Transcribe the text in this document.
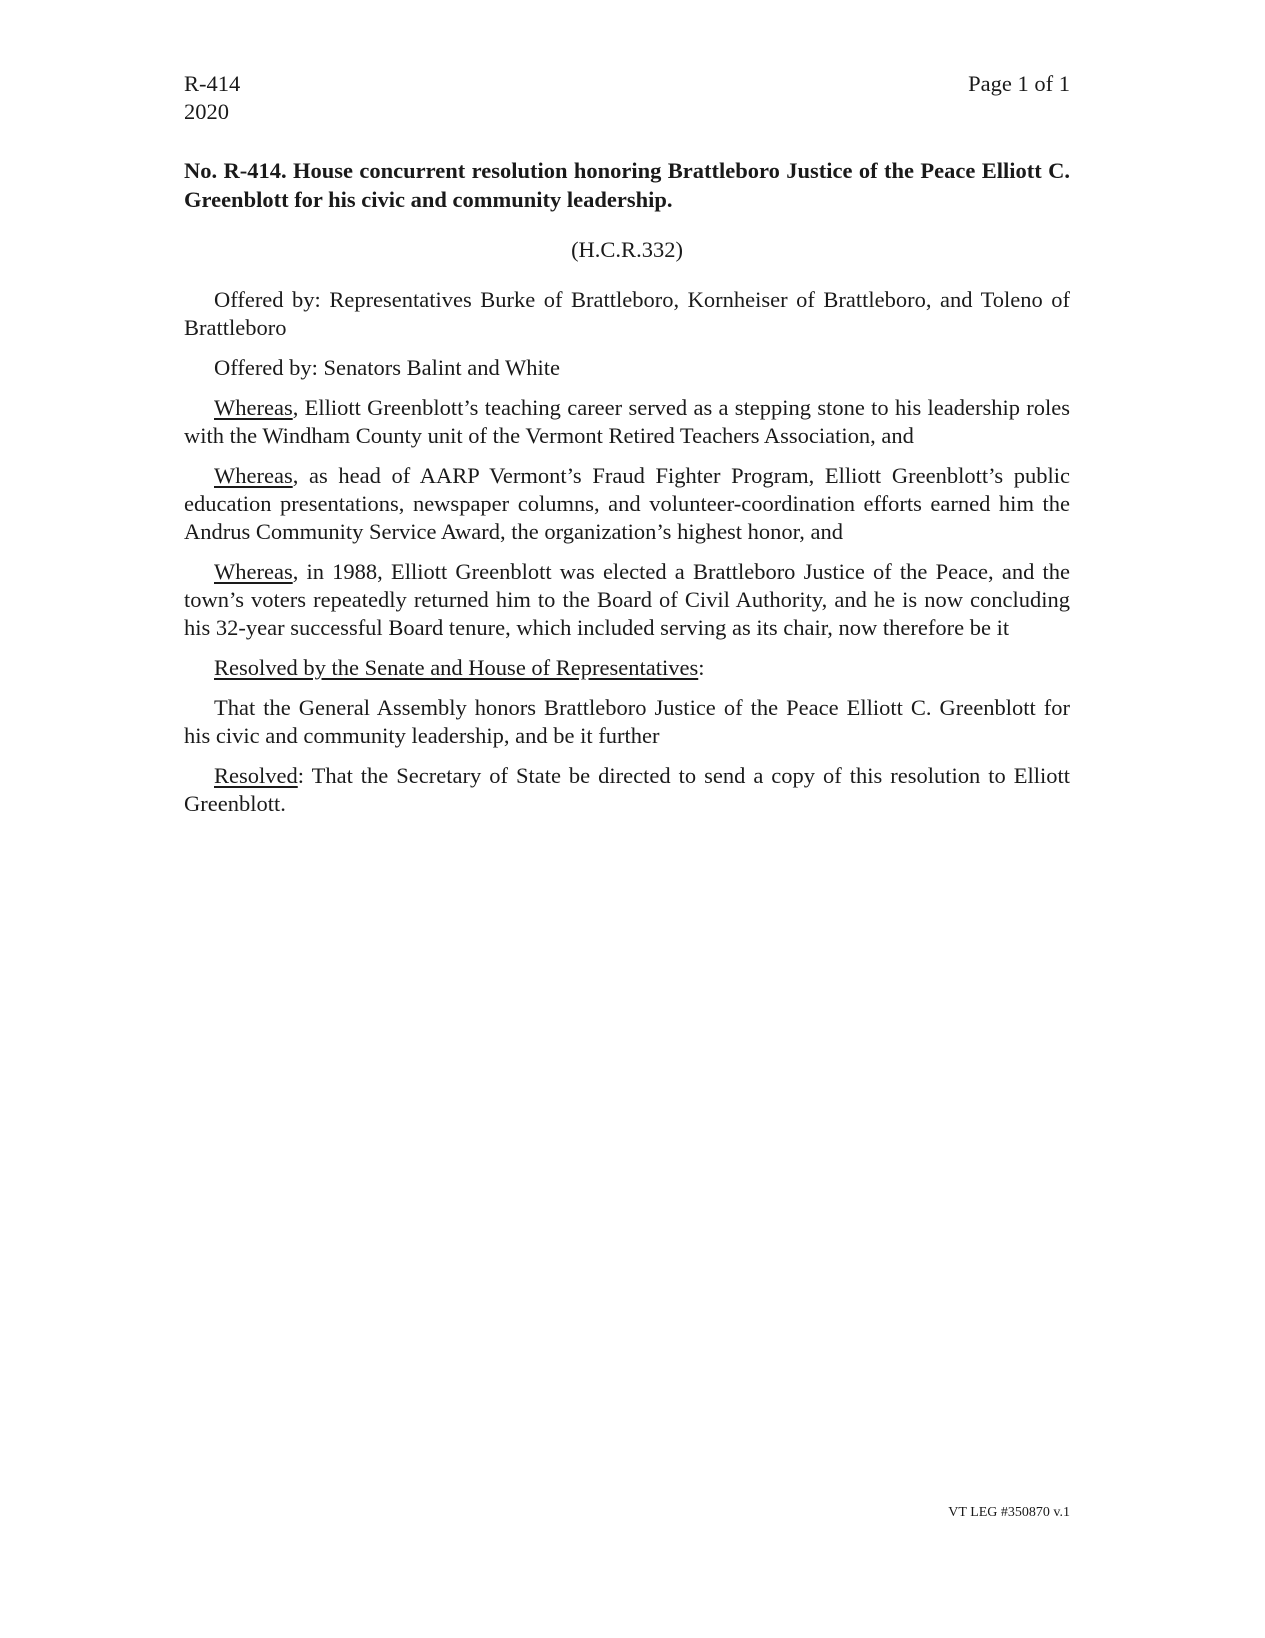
R-414
2020
Page 1 of 1
No. R-414. House concurrent resolution honoring Brattleboro Justice of the Peace Elliott C. Greenblott for his civic and community leadership.
(H.C.R.332)

Offered by: Representatives Burke of Brattleboro, Kornheiser of Brattleboro, and Toleno of Brattleboro

Offered by: Senators Balint and White

Whereas, Elliott Greenblott’s teaching career served as a stepping stone to his leadership roles with the Windham County unit of the Vermont Retired Teachers Association, and

Whereas, as head of AARP Vermont’s Fraud Fighter Program, Elliott Greenblott’s public education presentations, newspaper columns, and volunteer-coordination efforts earned him the Andrus Community Service Award, the organization’s highest honor, and

Whereas, in 1988, Elliott Greenblott was elected a Brattleboro Justice of the Peace, and the town’s voters repeatedly returned him to the Board of Civil Authority, and he is now concluding his 32-year successful Board tenure, which included serving as its chair, now therefore be it

Resolved by the Senate and House of Representatives:

That the General Assembly honors Brattleboro Justice of the Peace Elliott C. Greenblott for his civic and community leadership, and be it further

Resolved: That the Secretary of State be directed to send a copy of this resolution to Elliott Greenblott.

VT LEG #350870 v.1
